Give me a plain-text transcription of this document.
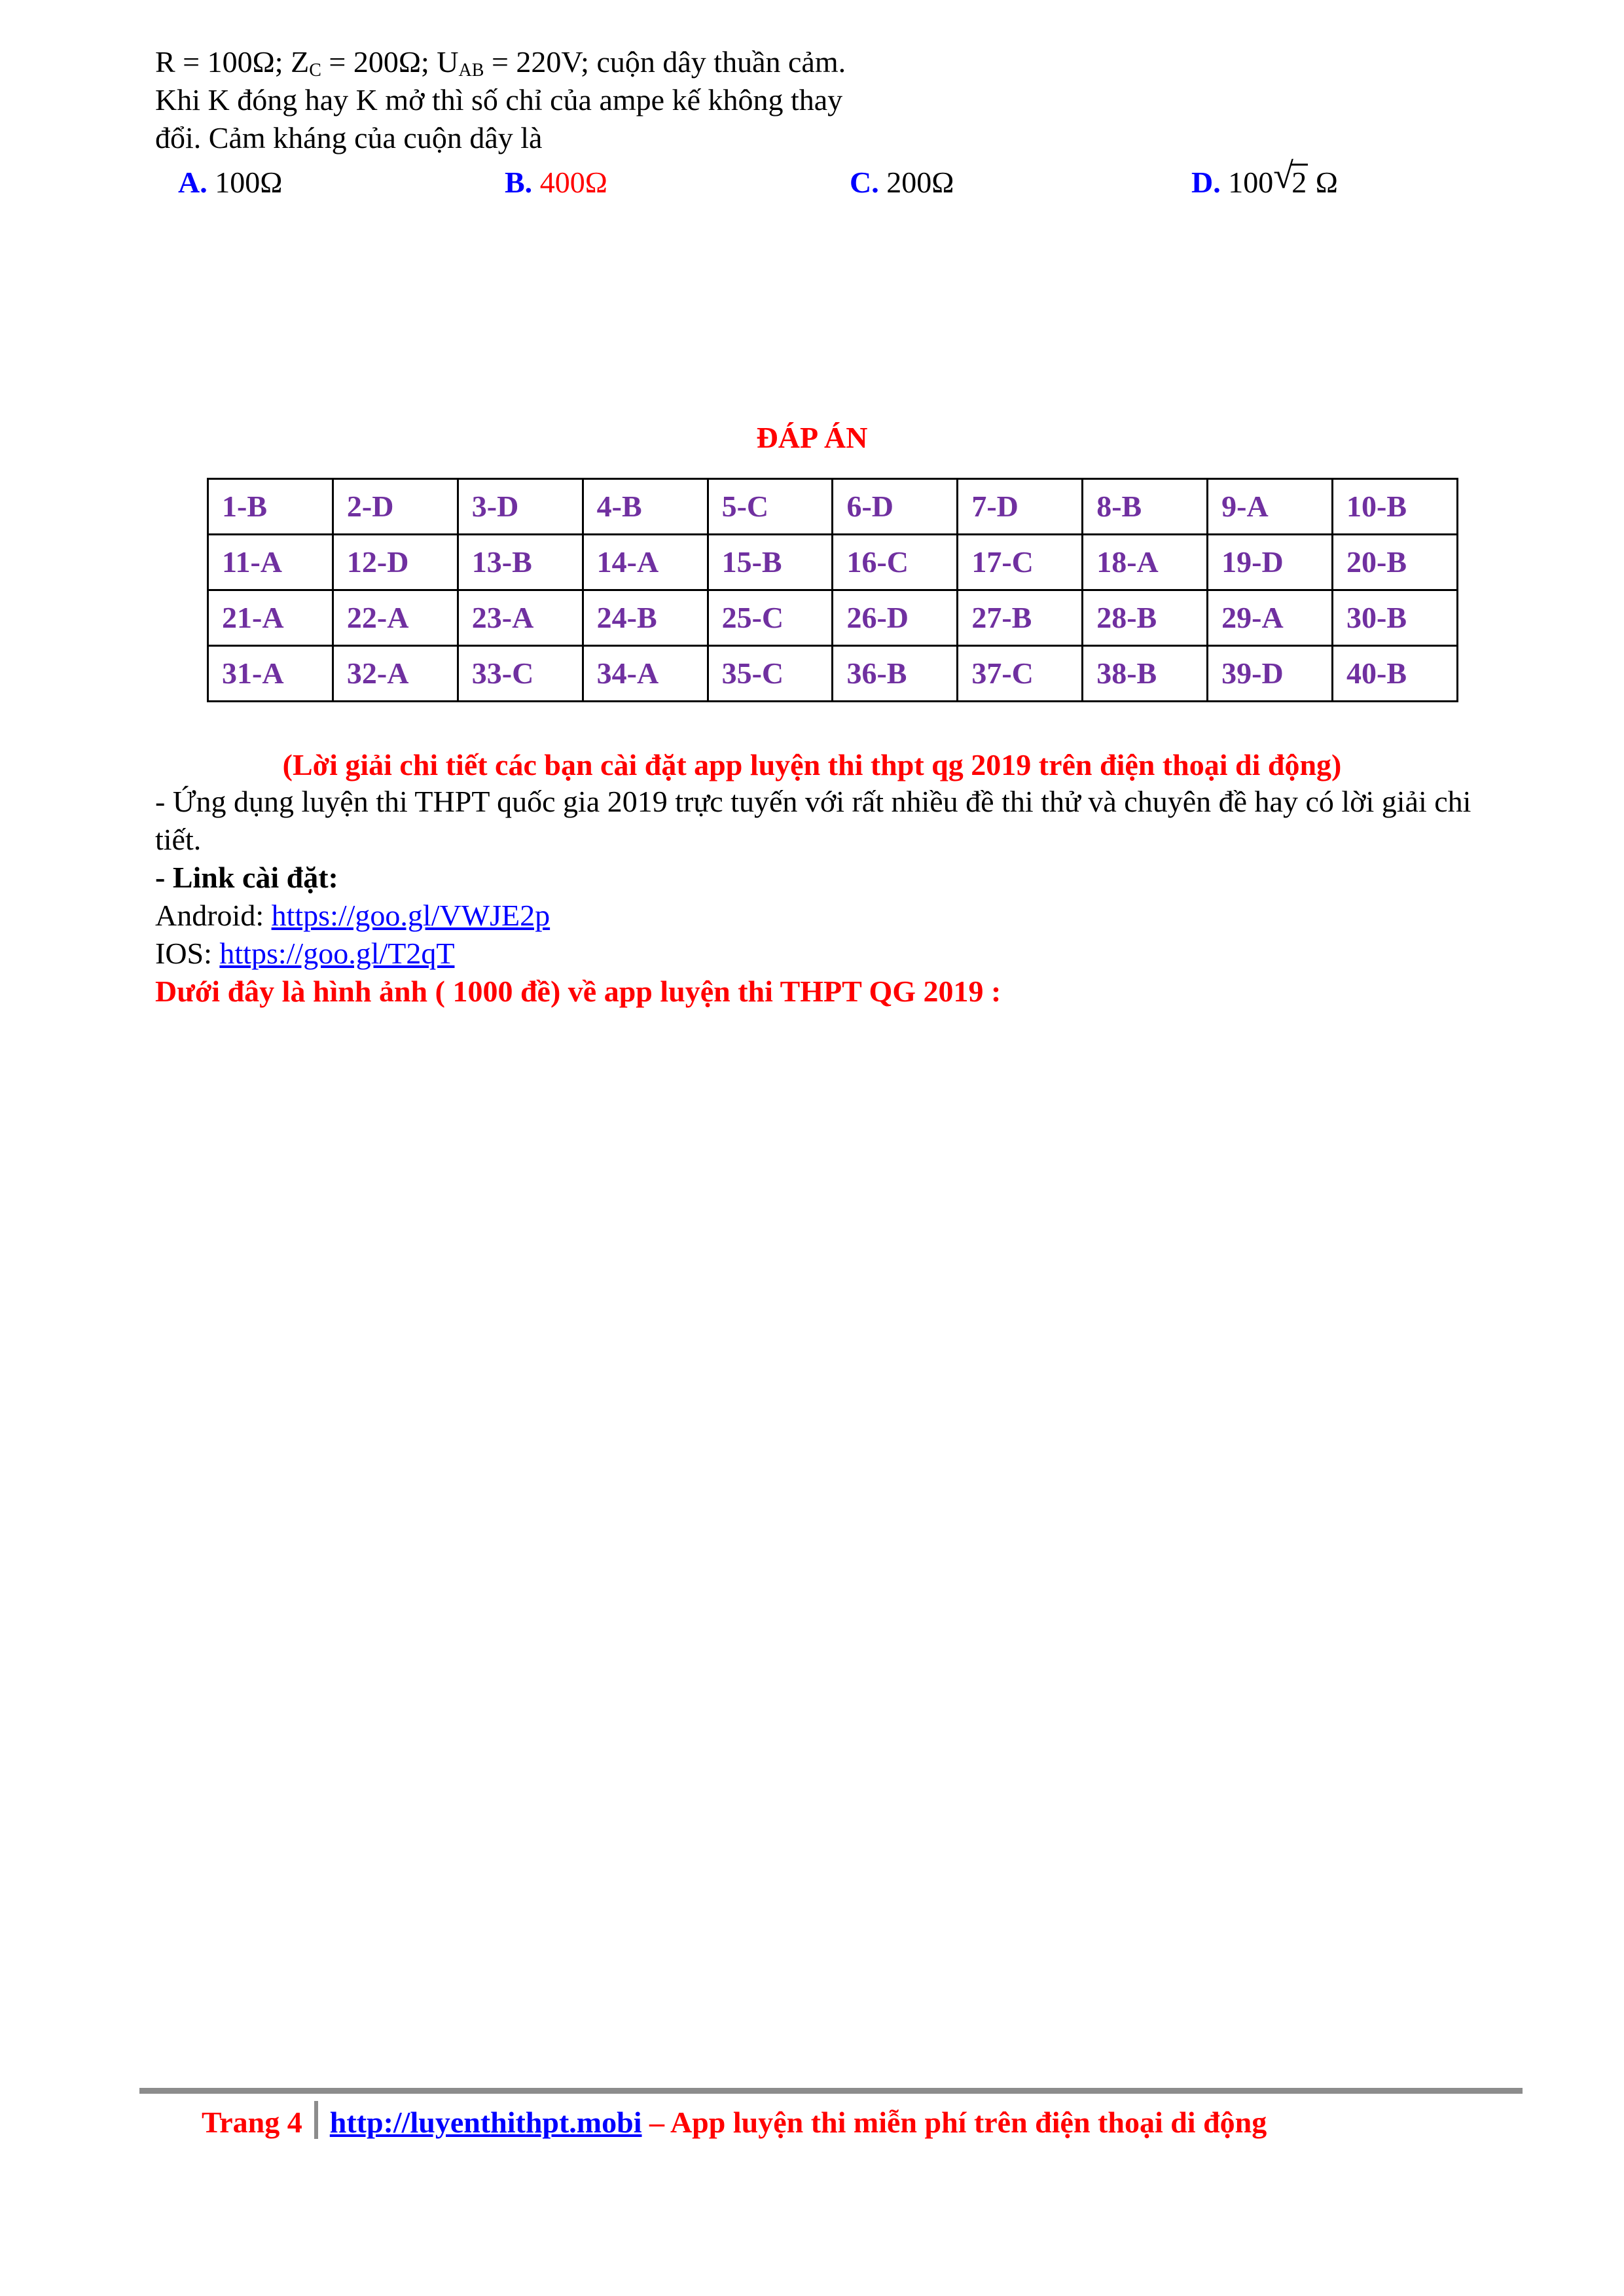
R = 100Ω; $Z_C = 200\Omega$; $U_{AB} = 220V$; cuộn dây thuần cảm.
Khi K đóng hay K mở thì số chỉ của ampe kế không thay
đổi. Cảm kháng của cuộn dây là
A. 100Ω	B. 400Ω	C. 200Ω	D. 100 √
2 Ω
ĐÁP ÁN
1-B	2-D	3-D	4-B	5-C	6-D	7-D	8-B	9-A	10-B
11-A	12-D	13-B	14-A	15-B	16-C	17-C	18-A	19-D	20-B
21-A	22-A	23-A	24-B	25-C	26-D	27-B	28-B	29-A	30-B
31-A	32-A	33-C	34-A	35-C	36-B	37-C	38-B	39-D	40-B
(Lời giải chi tiết các bạn cài đặt app luyện thi thpt qg 2019 trên điện thoại di động)
- Ứng dụng luyện thi THPT quốc gia 2019 trực tuyến với rất nhiều đề thi thử và chuyên đề hay có lời giải chi tiết.
- Link cài đặt:
Android: https://goo.gl/VWJE2p
IOS: https://goo.gl/T2qT
Dưới đây là hình ảnh ( 1000 đề) về app luyện thi THPT QG 2019 :
Trang 4 http://luyenthithpt.mobi – App luyện thi miễn phí trên điện thoại di động
